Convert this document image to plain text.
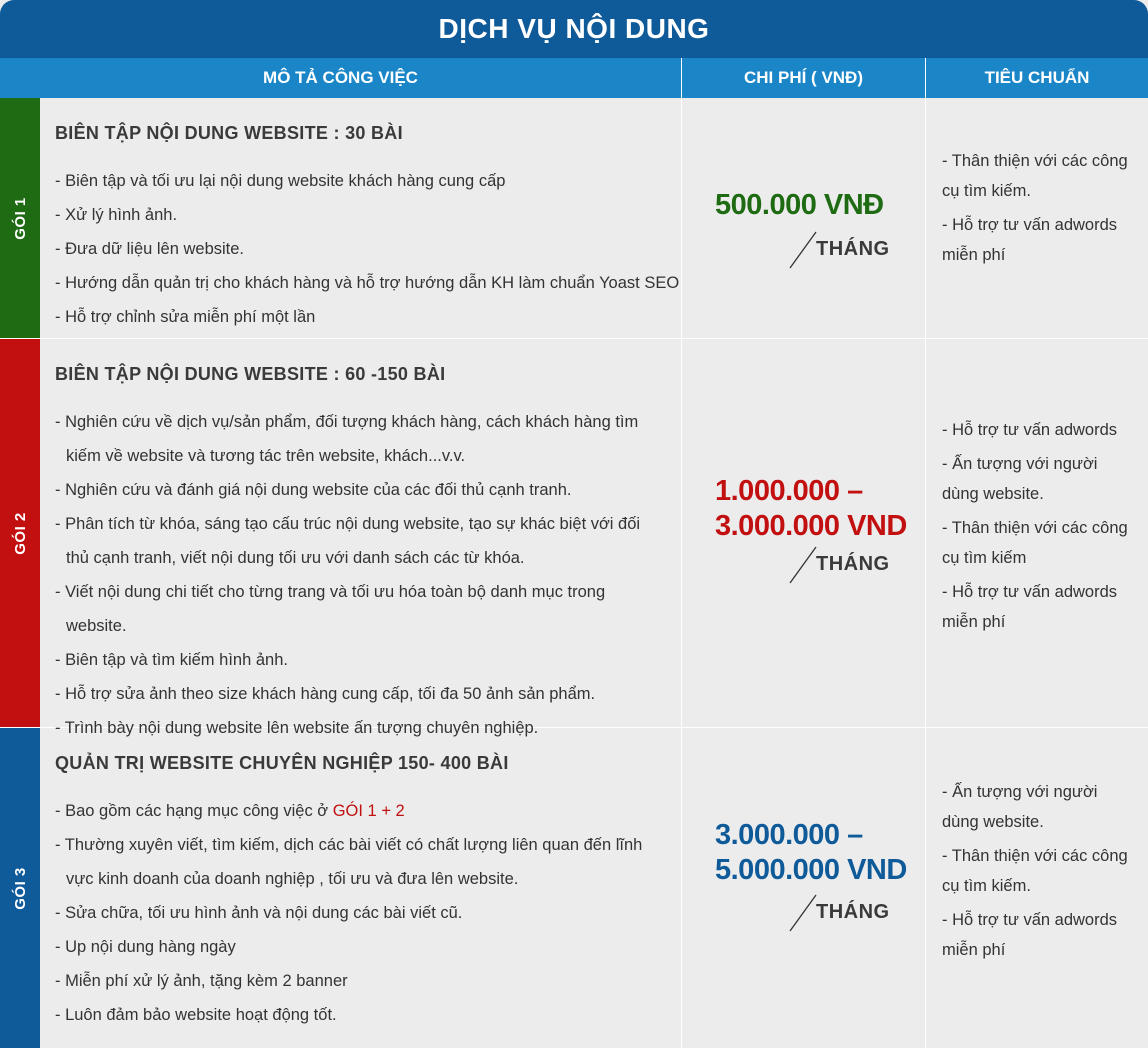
DỊCH VỤ NỘI DUNG
MÔ TẢ CÔNG VIỆC	CHI PHÍ ( VNĐ)	TIÊU CHUẨN
GÓI 1

BIÊN TẬP NỘI DUNG WEBSITE : 30 BÀI

- Biên tập và tối ưu lại nội dung website khách hàng cung cấp
- Xử lý hình ảnh.
- Đưa dữ liệu lên website.
- Hướng dẫn quản trị cho khách hàng và hỗ trợ hướng dẫn KH làm chuẩn Yoast SEO
- Hỗ trợ chỉnh sửa miễn phí một lần
500.000 VNĐ
THÁNG
- Thân thiện với các công cụ tìm kiếm.
- Hỗ trợ tư vấn adwords miễn phí
GÓI 2

BIÊN TẬP NỘI DUNG WEBSITE : 60 -150 BÀI

- Nghiên cứu về dịch vụ/sản phẩm, đối tượng khách hàng, cách khách hàng tìm kiếm về website và tương tác trên website, khách...v.v.
- Nghiên cứu và đánh giá nội dung website của các đối thủ cạnh tranh.
- Phân tích từ khóa, sáng tạo cấu trúc nội dung website, tạo sự khác biệt với đối thủ cạnh tranh, viết nội dung tối ưu với danh sách các từ khóa.
- Viết nội dung chi tiết cho từng trang và tối ưu hóa toàn bộ danh mục trong website.
- Biên tập và tìm kiếm hình ảnh.
- Hỗ trợ sửa ảnh theo size khách hàng cung cấp, tối đa 50 ảnh sản phẩm.
- Trình bày nội dung website lên website ấn tượng chuyên nghiệp.
1.000.000 –
3.000.000 VND
THÁNG
- Hỗ trợ tư vấn adwords
- Ấn tượng với người dùng website.
- Thân thiện với các công cụ tìm kiếm
- Hỗ trợ tư vấn adwords miễn phí
GÓI 3

QUẢN TRỊ WEBSITE CHUYÊN NGHIỆP 150- 400 BÀI

- Bao gồm các hạng mục công việc ở GÓI 1 + 2
- Thường xuyên viết, tìm kiếm, dịch các bài viết có chất lượng liên quan đến lĩnh vực kinh doanh của doanh nghiệp , tối ưu và đưa lên website.
- Sửa chữa, tối ưu hình ảnh và nội dung các bài viết cũ.
- Up nội dung hàng ngày
- Miễn phí xử lý ảnh, tặng kèm 2 banner
- Luôn đảm bảo website hoạt động tốt.
3.000.000 –
5.000.000 VND
THÁNG
- Ấn tượng với người dùng website.
- Thân thiện với các công cụ tìm kiếm.
- Hỗ trợ tư vấn adwords miễn phí
